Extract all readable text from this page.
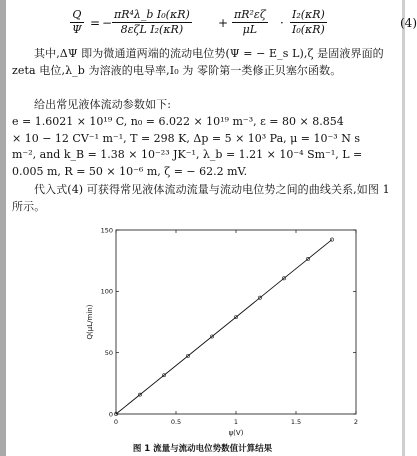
$\frac{Q}{\Psi}$ = −
πR⁴λ_b I₀(κR)
8εζL I₂(κR)	+ $\frac{\text{πR²εζ}}{\mu L} \cdot \frac{\text{I₂(κR)}}{\text{I₀(κR)}}$	(4)
其中,ΔΨ 即为微通道两端的流动电位势(Ψ = − E_s L),ζ 是固液界面的 zeta 电位,λ_b 为溶液的电导率,I₀ 为 零阶第一类修正贝塞尔函数。
给出常见液体流动参数如下:
e = 1.6021 × 10¹⁹ C, n₀ = 6.022 × 10¹⁹ m⁻³, ε = 80 × 8.854
× 10 − 12 CV⁻¹ m⁻¹, T = 298 K, Δp = 5 × 10³ Pa, μ = 10⁻³ N s
m⁻², and k_B = 1.38 × 10⁻²³ JK⁻¹, λ_b = 1.21 × 10⁻⁴ Sm⁻¹, L =
0.005 m, R = 50 × 10⁻⁶ m, ζ = − 62.2 mV.
代入式(4) 可获得常见液体流动流量与流动电位势之间的曲线关系,如图 1 所示。
0	0.5	1	1.5	2
0
50
100
150
ψ(V)
Q(μL/min)
图 1 流量与流动电位势数值计算结果
